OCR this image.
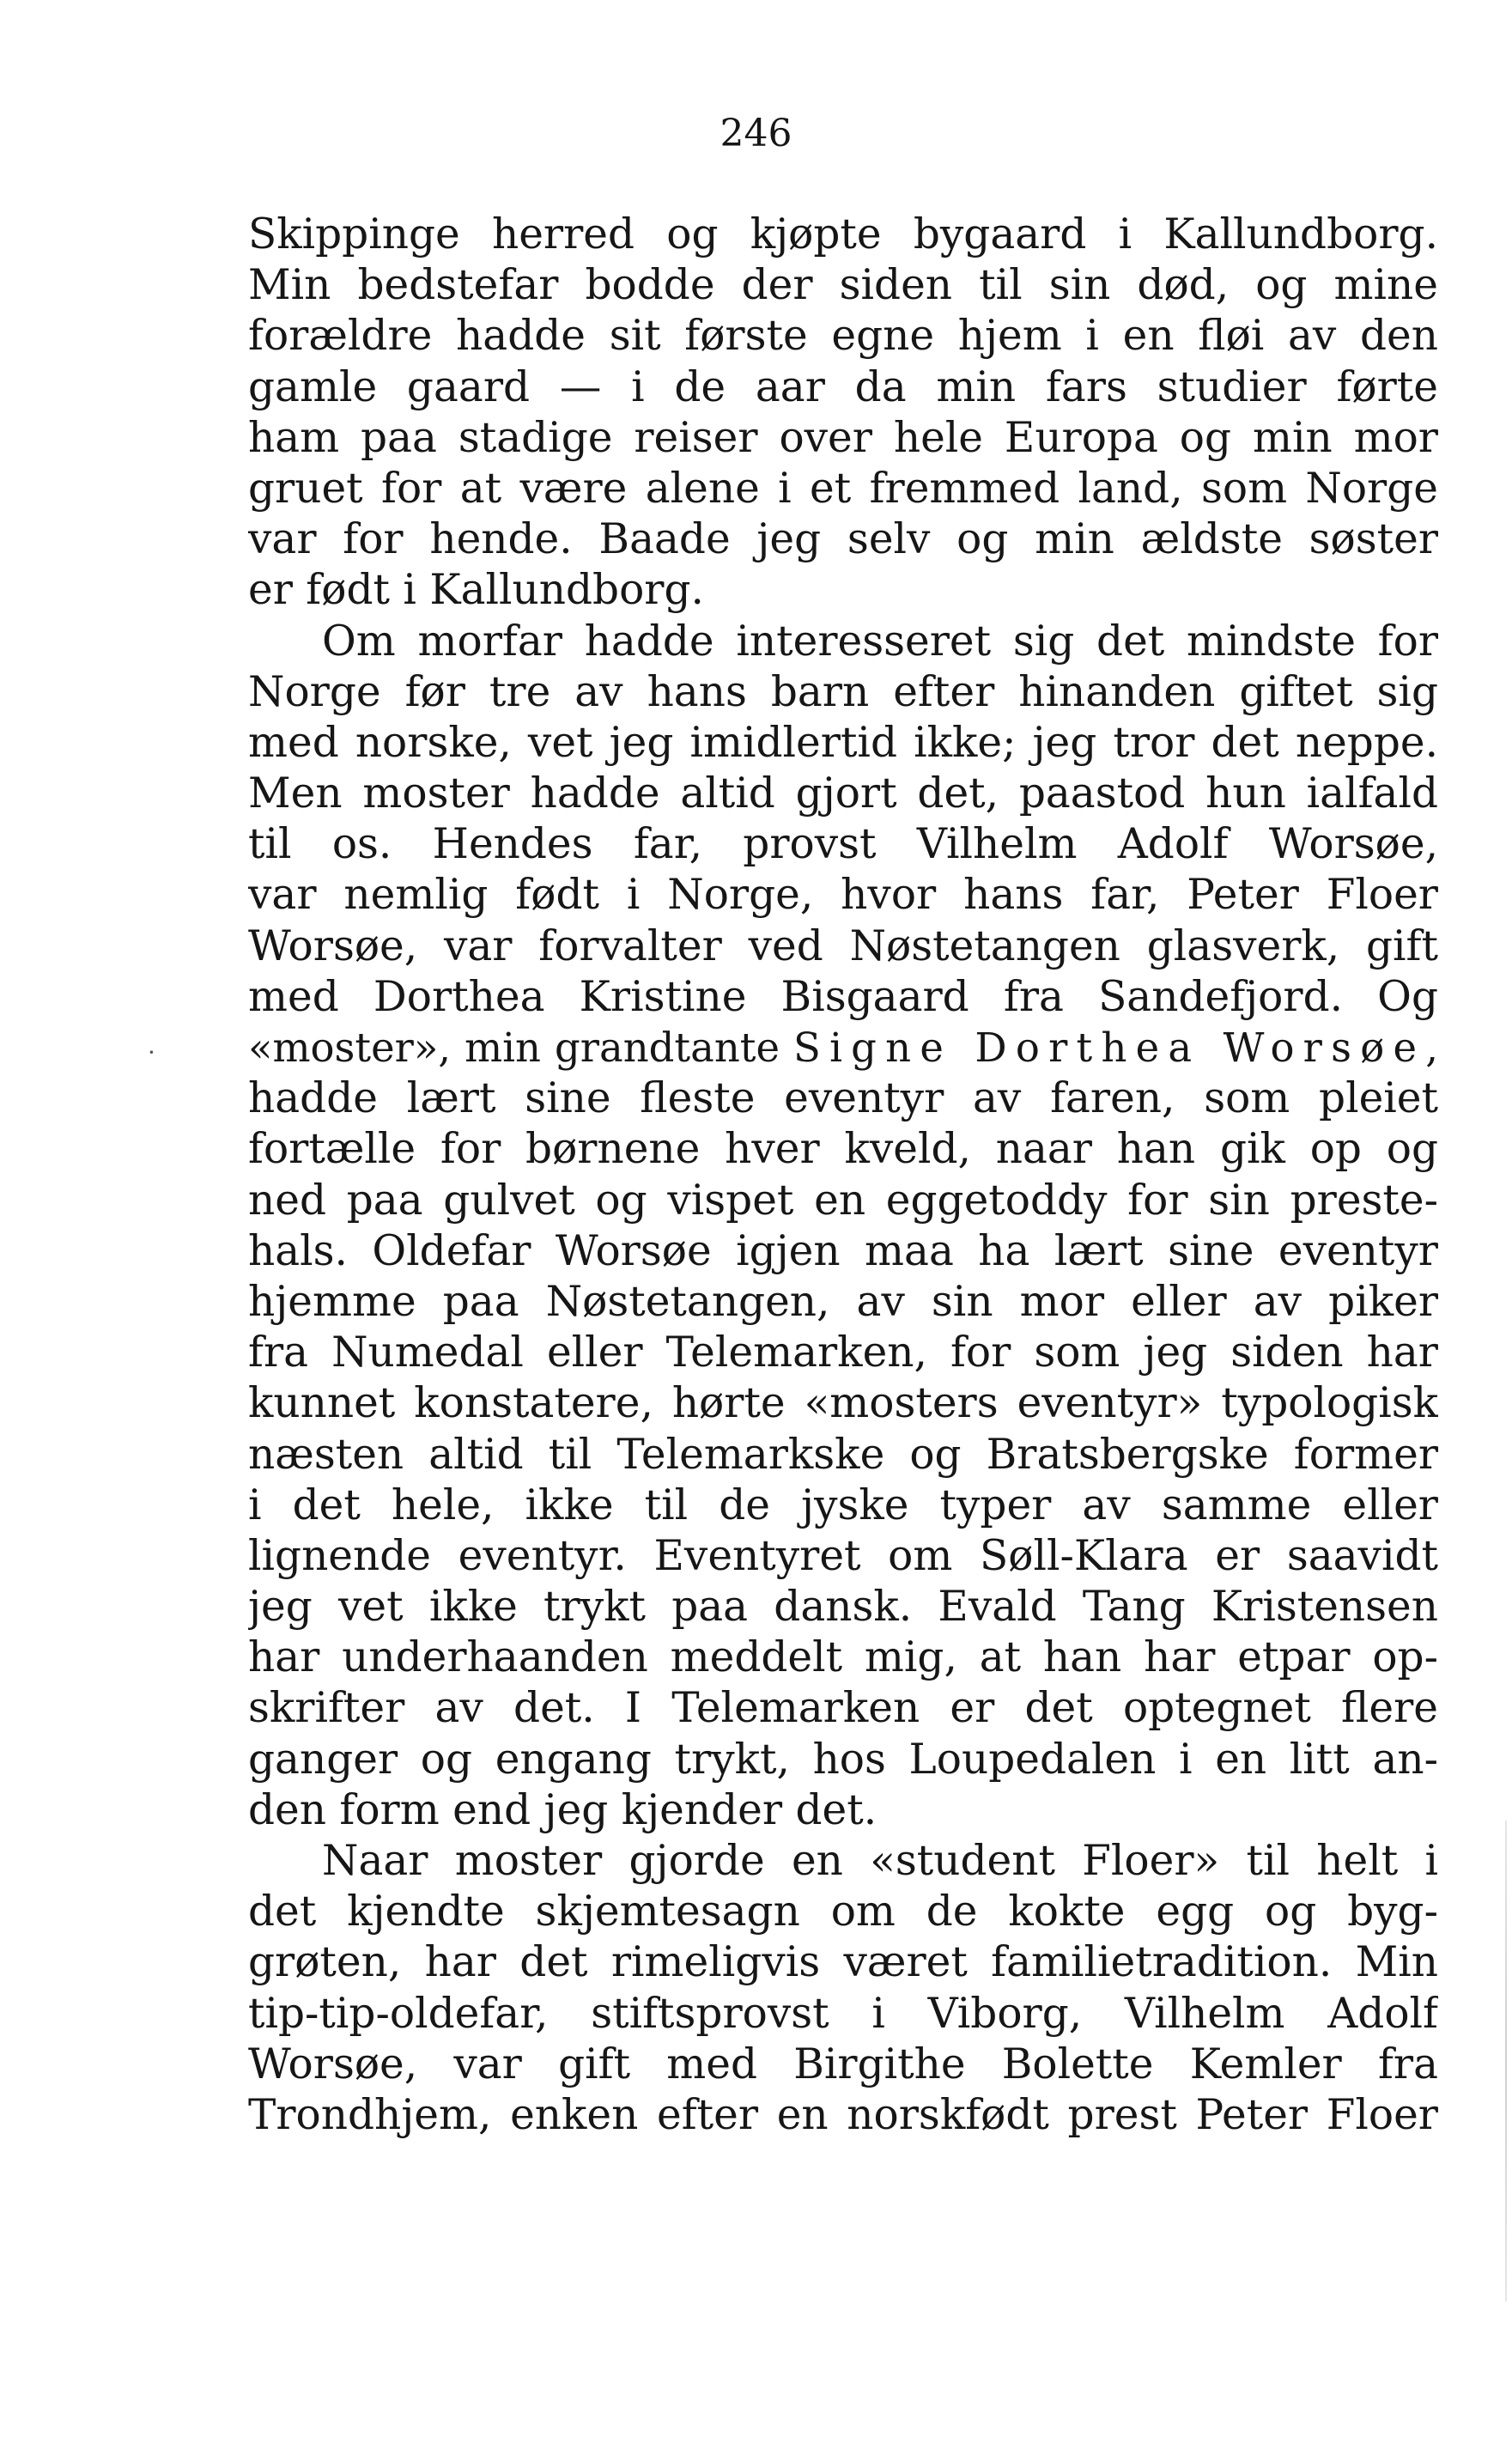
246
·
Skippinge herred og kjøpte bygaard i Kallundborg.
Min bedstefar bodde der siden til sin død, og mine
forældre hadde sit første egne hjem i en fløi av den
gamle gaard — i de aar da min fars studier førte
ham paa stadige reiser over hele Europa og min mor
gruet for at være alene i et fremmed land, som Norge
var for hende. Baade jeg selv og min ældste søster
er født i Kallundborg.
Om morfar hadde interesseret sig det mindste for
Norge før tre av hans barn efter hinanden giftet sig
med norske, vet jeg imidlertid ikke; jeg tror det neppe.
Men moster hadde altid gjort det, paastod hun ialfald
til os. Hendes far, provst Vilhelm Adolf Worsøe,
var nemlig født i Norge, hvor hans far, Peter Floer
Worsøe, var forvalter ved Nøstetangen glasverk, gift
med Dorthea Kristine Bisgaard fra Sandefjord. Og
«moster», min grandtante Signe Dorthea Worsøe,
hadde lært sine fleste eventyr av faren, som pleiet
fortælle for børnene hver kveld, naar han gik op og
ned paa gulvet og vispet en eggetoddy for sin preste-
hals. Oldefar Worsøe igjen maa ha lært sine eventyr
hjemme paa Nøstetangen, av sin mor eller av piker
fra Numedal eller Telemarken, for som jeg siden har
kunnet konstatere, hørte «mosters eventyr» typologisk
næsten altid til Telemarkske og Bratsbergske former
i det hele, ikke til de jyske typer av samme eller
lignende eventyr. Eventyret om Søll-Klara er saavidt
jeg vet ikke trykt paa dansk. Evald Tang Kristensen
har underhaanden meddelt mig, at han har etpar op-
skrifter av det. I Telemarken er det optegnet flere
ganger og engang trykt, hos Loupedalen i en litt an-
den form end jeg kjender det.
Naar moster gjorde en «student Floer» til helt i
det kjendte skjemtesagn om de kokte egg og byg-
grøten, har det rimeligvis været familietradition. Min
tip-tip-oldefar, stiftsprovst i Viborg, Vilhelm Adolf
Worsøe, var gift med Birgithe Bolette Kemler fra
Trondhjem, enken efter en norskfødt prest Peter Floer
